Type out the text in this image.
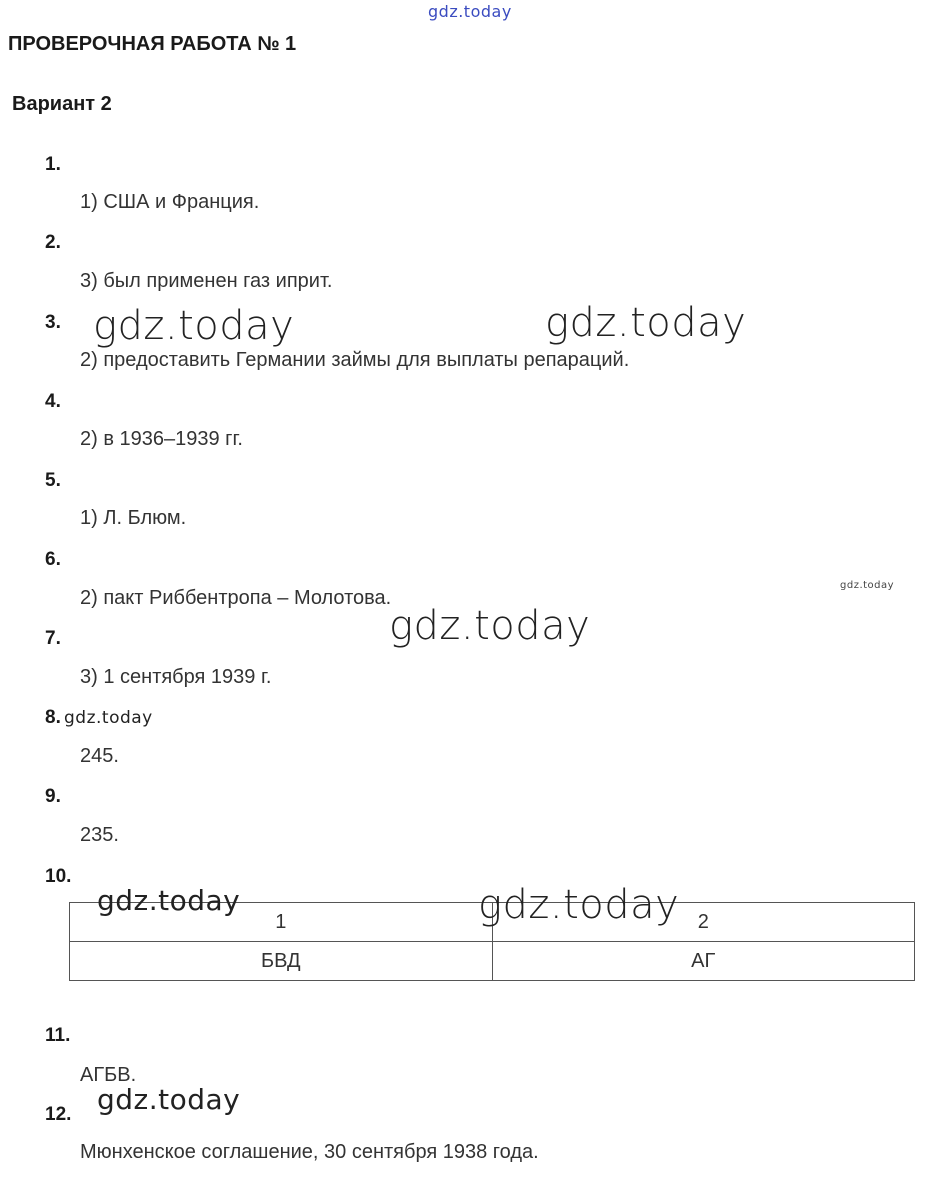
gdz.today
gdz.today	gdz.today
gdz.today
gdz.today
gdz.today
ПРОВЕРОЧНАЯ РАБОТА № 1
Вариант 2
1.
1) США и Франция.
2.
3) был применен газ иприт.
3.
2) предоставить Германии займы для выплаты репараций.
4.
2) в 1936–1939 гг.
5.
1) Л. Блюм.
6.
2) пакт Риббентропа – Молотова.
7.
3) 1 сентября 1939 г.
8.
245.
9.
235.
10.
1	2
БВД	АГ
gdz.today	gdz.today
11.
АГБВ.
gdz.today
12.
Мюнхенское соглашение, 30 сентября 1938 года.
